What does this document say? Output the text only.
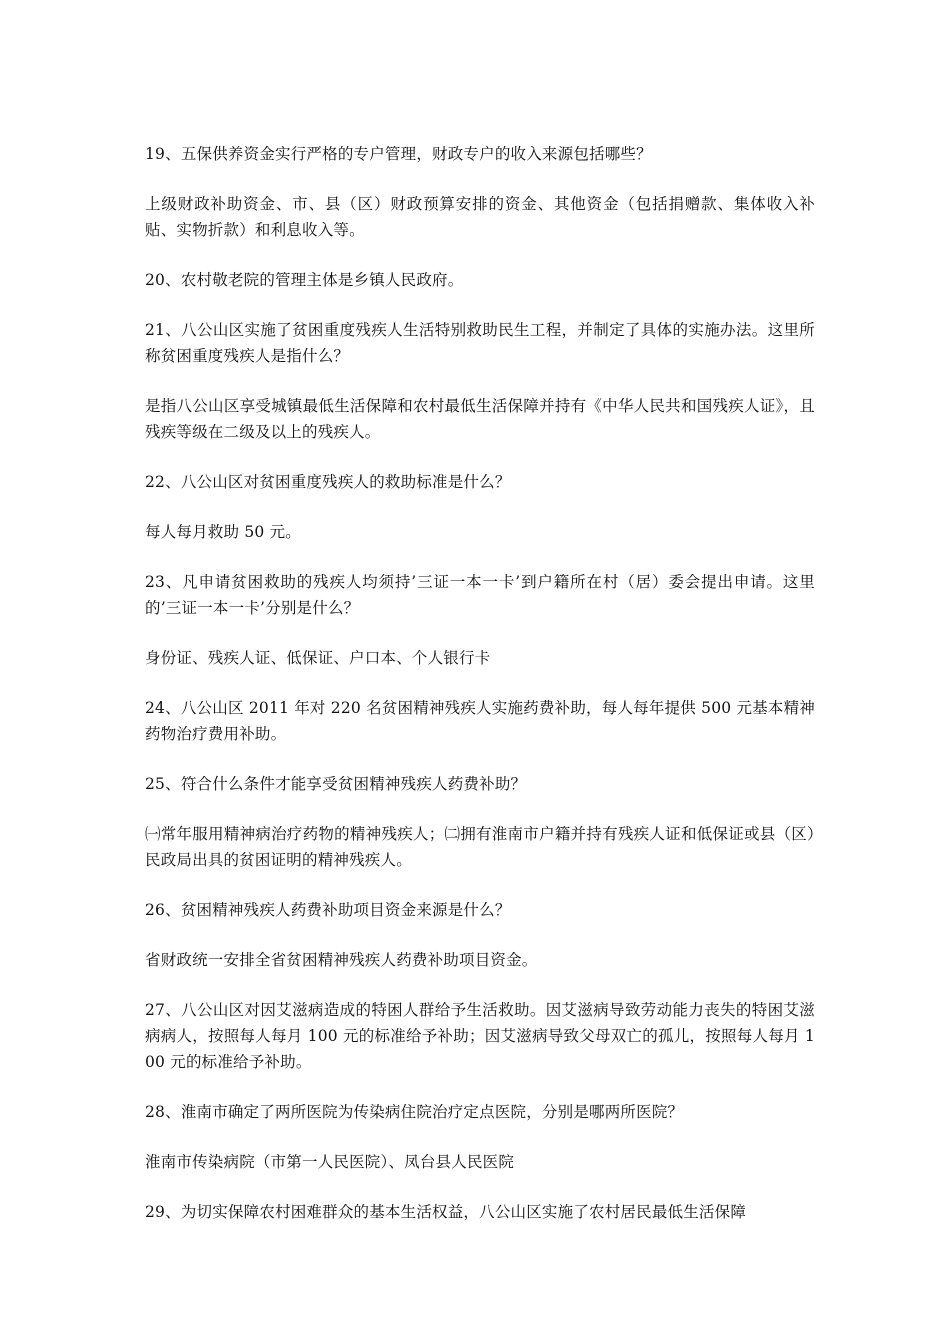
19、五保供养资金实行严格的专户管理，财政专户的收入来源包括哪些？

上级财政补助资金、市、县（区）财政预算安排的资金、其他资金（包括捐赠款、集体收入补贴、实物折款）和利息收入等。

20、农村敬老院的管理主体是乡镇人民政府。

21、八公山区实施了贫困重度残疾人生活特别救助民生工程，并制定了具体的实施办法。这里所称贫困重度残疾人是指什么？

是指八公山区享受城镇最低生活保障和农村最低生活保障并持有《中华人民共和国残疾人证》，且残疾等级在二级及以上的残疾人。

22、八公山区对贫困重度残疾人的救助标准是什么？

每人每月救助 50 元。

23、凡申请贫困救助的残疾人均须持’三证一本一卡’到户籍所在村（居）委会提出申请。这里的’三证一本一卡’分别是什么？

身份证、残疾人证、低保证、户口本、个人银行卡

24、八公山区 2011 年对 220 名贫困精神残疾人实施药费补助，每人每年提供 500 元基本精神药物治疗费用补助。

25、符合什么条件才能享受贫困精神残疾人药费补助？

㈠常年服用精神病治疗药物的精神残疾人；㈡拥有淮南市户籍并持有残疾人证和低保证或县（区）民政局出具的贫困证明的精神残疾人。

26、贫困精神残疾人药费补助项目资金来源是什么？

省财政统一安排全省贫困精神残疾人药费补助项目资金。

27、八公山区对因艾滋病造成的特困人群给予生活救助。因艾滋病导致劳动能力丧失的特困艾滋病病人，按照每人每月 100 元的标准给予补助；因艾滋病导致父母双亡的孤儿，按照每人每月 100 元的标准给予补助。

28、淮南市确定了两所医院为传染病住院治疗定点医院，分别是哪两所医院？

淮南市传染病院（市第一人民医院）、凤台县人民医院

29、为切实保障农村困难群众的基本生活权益，八公山区实施了农村居民最低生活保障
